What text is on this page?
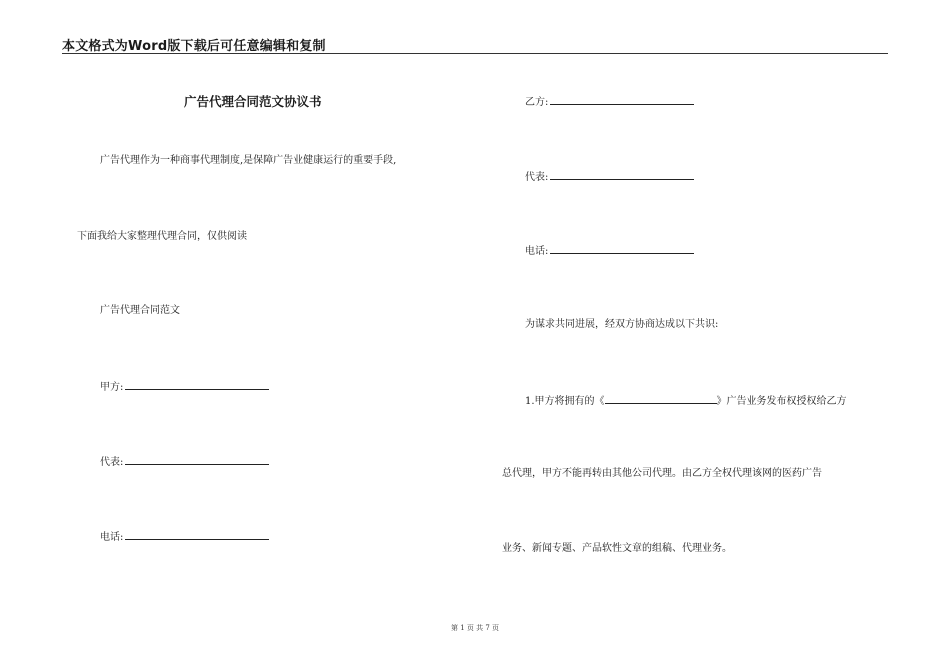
本文格式为Word版下载后可任意编辑和复制
广告代理合同范文协议书
广告代理作为一种商事代理制度,是保障广告业健康运行的重要手段,
下面我给大家整理代理合同，仅供阅读
广告代理合同范文
甲方:
代表:
电话:
乙方:
代表:
电话:
为谋求共同进展，经双方协商达成以下共识:
1.甲方将拥有的《	》广告业务发布权授权给乙方
总代理，甲方不能再转由其他公司代理。由乙方全权代理该网的医药广告
业务、新闻专题、产品软性文章的组稿、代理业务。
第 1 页 共 7 页
